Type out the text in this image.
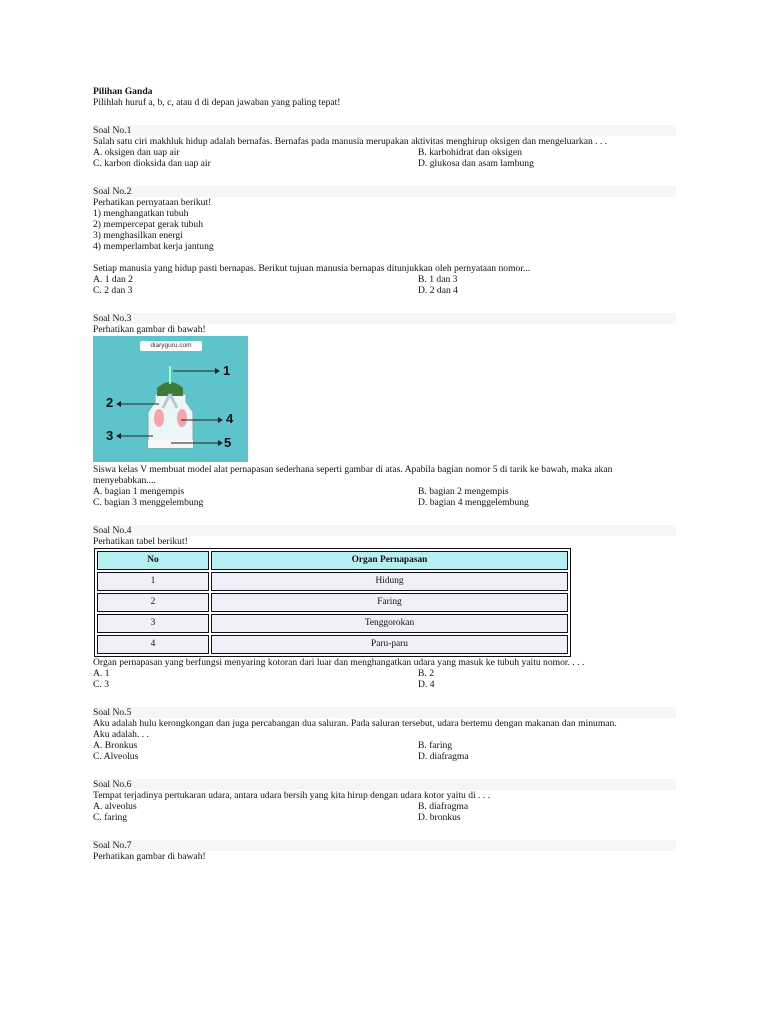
Pilihan Ganda
Pilihlah huruf a, b, c, atau d di depan jawaban yang paling tepat!
Soal No.1
Salah satu ciri makhluk hidup adalah bernafas. Bernafas pada manusia merupakan aktivitas menghirup oksigen dan mengeluarkan . . .
A. oksigen dan uap air	B. karbohidrat dan oksigen
C. karbon dioksida dan uap air	D. glukosa dan asam lambung
Soal No.2
Perhatikan pernyataan berikut!
1) menghangatkan tubuh
2) mempercepat gerak tubuh
3) menghasilkan energi
4) memperlambat kerja jantung
Setiap manusia yang hidup pasti bernapas. Berikut tujuan manusia bernapas ditunjukkan oleh pernyataan nomor...
A. 1 dan 2	B. 1 dan 3
C. 2 dan 3	D. 2 dan 4
Soal No.3
Perhatikan gambar di bawah!
diaryguru.com
1
2
4
3	5
Siswa kelas V membuat model alat pernapasan sederhana seperti gambar di atas. Apabila bagian nomor 5 di tarik ke bawah, maka akan
menyebabkan....
A. bagian 1 mengempis	B. bagian 2 mengempis
C. bagian 3 menggelembung	D. bagian 4 menggelembung
Soal No.4
Perhatikan tabel berikut!
No	Organ Pernapasan
1	Hidung
2	Faring
3	Tenggorokan
4	Paru-paru
Organ pernapasan yang berfungsi menyaring kotoran dari luar dan menghangatkan udara yang masuk ke tubuh yaitu nomor. . . .
A. 1	B. 2
C. 3	D. 4
Soal No.5
Aku adalah hulu kerongkongan dan juga percabangan dua saluran. Pada saluran tersebut, udara bertemu dengan makanan dan minuman.
Aku adalah. . .
A. Bronkus	B. faring
C. Alveolus	D. diafragma
Soal No.6
Tempat terjadinya pertukaran udara, antara udara bersih yang kita hirup dengan udara kotor yaitu di . . .
A. alveolus	B. diafragma
C. faring	D. bronkus
Soal No.7
Perhatikan gambar di bawah!
